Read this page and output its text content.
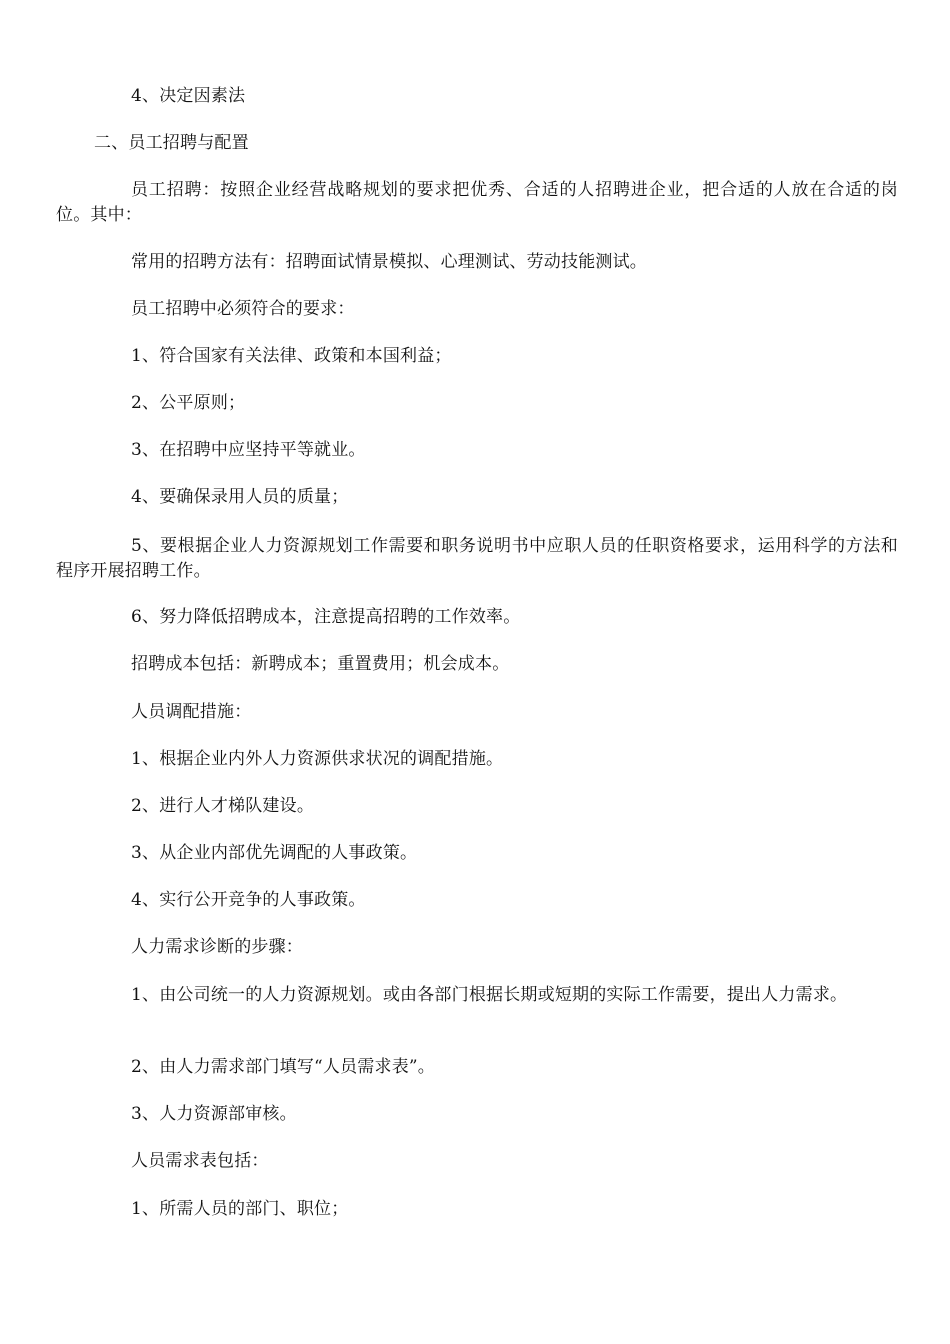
4、决定因素法
二、员工招聘与配置
员工招聘：按照企业经营战略规划的要求把优秀、合适的人招聘进企业，把合适的人放在合适的岗位。其中：
常用的招聘方法有：招聘面试情景模拟、心理测试、劳动技能测试。
员工招聘中必须符合的要求：
1、符合国家有关法律、政策和本国利益；
2、公平原则；
3、在招聘中应坚持平等就业。
4、要确保录用人员的质量；
5、要根据企业人力资源规划工作需要和职务说明书中应职人员的任职资格要求，运用科学的方法和程序开展招聘工作。
6、努力降低招聘成本，注意提高招聘的工作效率。
招聘成本包括：新聘成本；重置费用；机会成本。
人员调配措施：
1、根据企业内外人力资源供求状况的调配措施。
2、进行人才梯队建设。
3、从企业内部优先调配的人事政策。
4、实行公开竞争的人事政策。
人力需求诊断的步骤：
1、由公司统一的人力资源规划。或由各部门根据长期或短期的实际工作需要，提出人力需求。
2、由人力需求部门填写“人员需求表”。
3、人力资源部审核。
人员需求表包括：
1、所需人员的部门、职位；
